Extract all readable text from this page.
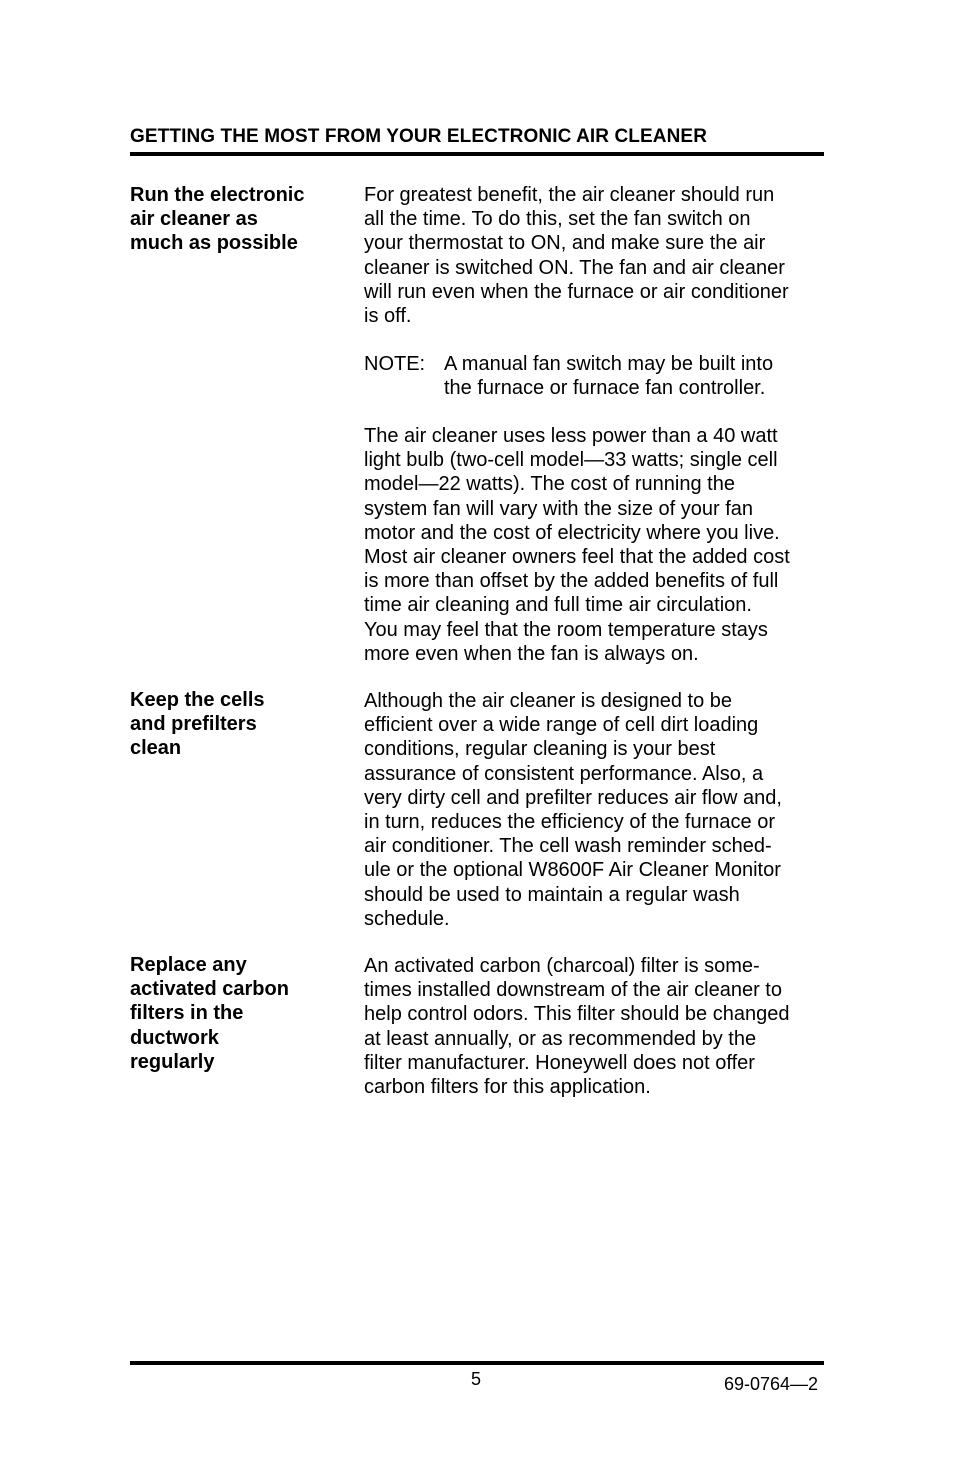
GETTING THE MOST FROM YOUR ELECTRONIC AIR CLEANER
Run the electronic
air cleaner as
much as possible
For greatest benefit, the air cleaner should run
all the time. To do this, set the fan switch on
your thermostat to ON, and make sure the air
cleaner is switched ON. The fan and air cleaner
will run even when the furnace or air conditioner
is off.
NOTE: A manual fan switch may be built into
the furnace or furnace fan controller.
The air cleaner uses less power than a 40 watt
light bulb (two-cell model—33 watts; single cell
model—22 watts). The cost of running the
system fan will vary with the size of your fan
motor and the cost of electricity where you live.
Most air cleaner owners feel that the added cost
is more than offset by the added benefits of full
time air cleaning and full time air circulation.
You may feel that the room temperature stays
more even when the fan is always on.
Keep the cells
and prefilters
clean
Although the air cleaner is designed to be
efficient over a wide range of cell dirt loading
conditions, regular cleaning is your best
assurance of consistent performance. Also, a
very dirty cell and prefilter reduces air flow and,
in turn, reduces the efficiency of the furnace or
air conditioner. The cell wash reminder sched-
ule or the optional W8600F Air Cleaner Monitor
should be used to maintain a regular wash
schedule.
Replace any
activated carbon
filters in the
ductwork
regularly
An activated carbon (charcoal) filter is some-
times installed downstream of the air cleaner to
help control odors. This filter should be changed
at least annually, or as recommended by the
filter manufacturer. Honeywell does not offer
carbon filters for this application.
5	69-0764—2
